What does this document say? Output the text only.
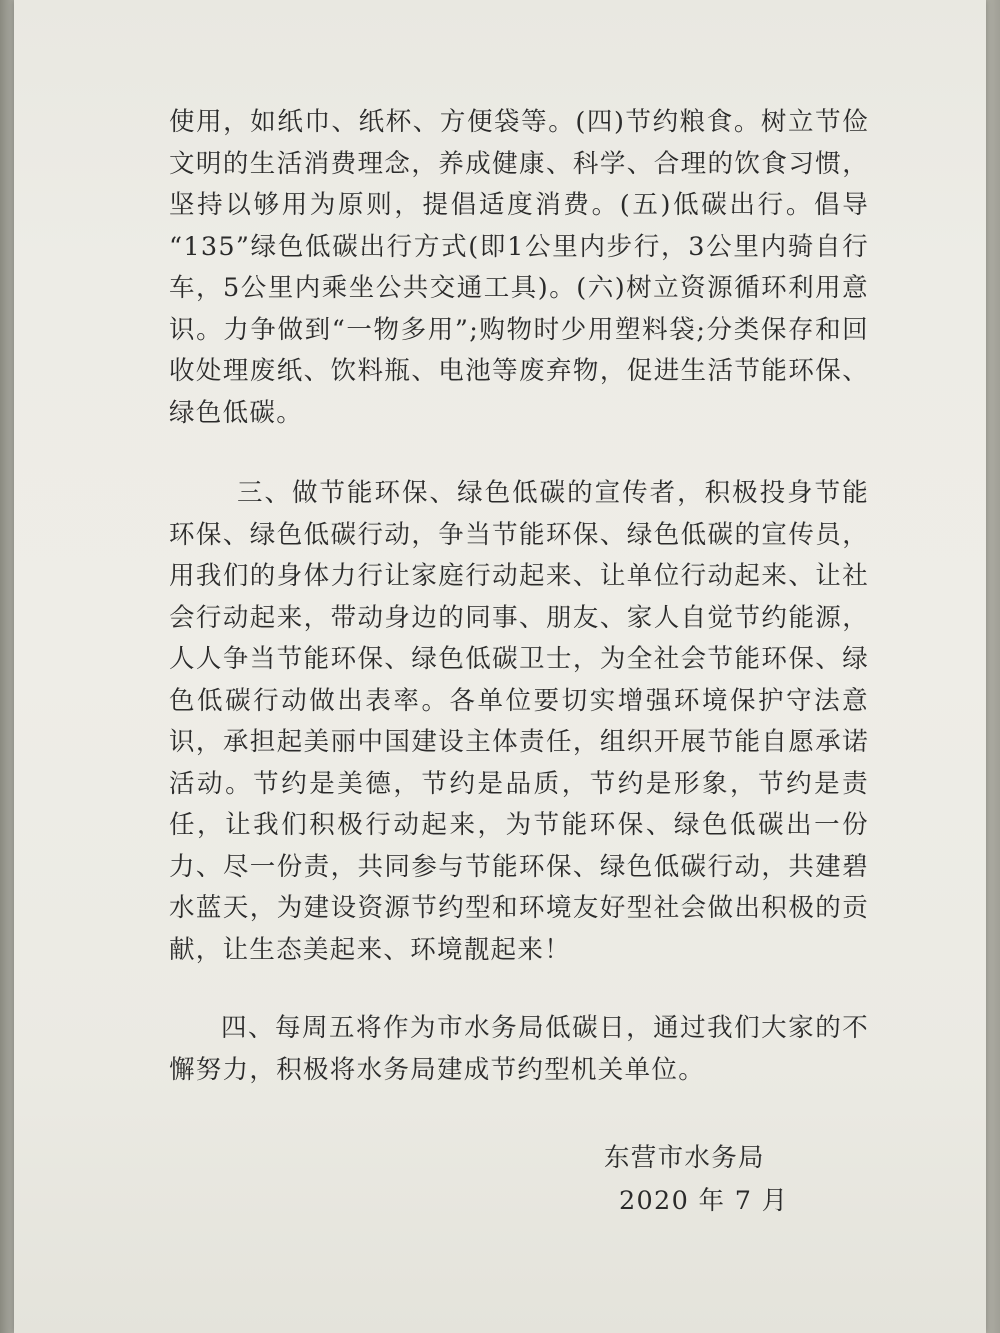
使用，如纸巾、纸杯、方便袋等。(四)节约粮食。树立节俭文明的生活消费理念，养成健康、科学、合理的饮食习惯，坚持以够用为原则，提倡适度消费。(五)低碳出行。倡导 “135”绿色低碳出行方式(即1公里内步行，3公里内骑自行车，5公里内乘坐公共交通工具)。(六)树立资源循环利用意识。力争做到“一物多用”;购物时少用塑料袋;分类保存和回收处理废纸、饮料瓶、电池等废弃物，促进生活节能环保、绿色低碳。

三、做节能环保、绿色低碳的宣传者，积极投身节能环保、绿色低碳行动，争当节能环保、绿色低碳的宣传员，用我们的身体力行让家庭行动起来、让单位行动起来、让社会行动起来，带动身边的同事、朋友、家人自觉节约能源，人人争当节能环保、绿色低碳卫士，为全社会节能环保、绿色低碳行动做出表率。各单位要切实增强环境保护守法意识，承担起美丽中国建设主体责任，组织开展节能自愿承诺活动。节约是美德，节约是品质，节约是形象，节约是责任，让我们积极行动起来，为节能环保、绿色低碳出一份力、尽一份责，共同参与节能环保、绿色低碳行动，共建碧水蓝天，为建设资源节约型和环境友好型社会做出积极的贡献，让生态美起来、环境靓起来！

四、每周五将作为市水务局低碳日，通过我们大家的不懈努力，积极将水务局建成节约型机关单位。

东营市水务局

2020 年 7 月
